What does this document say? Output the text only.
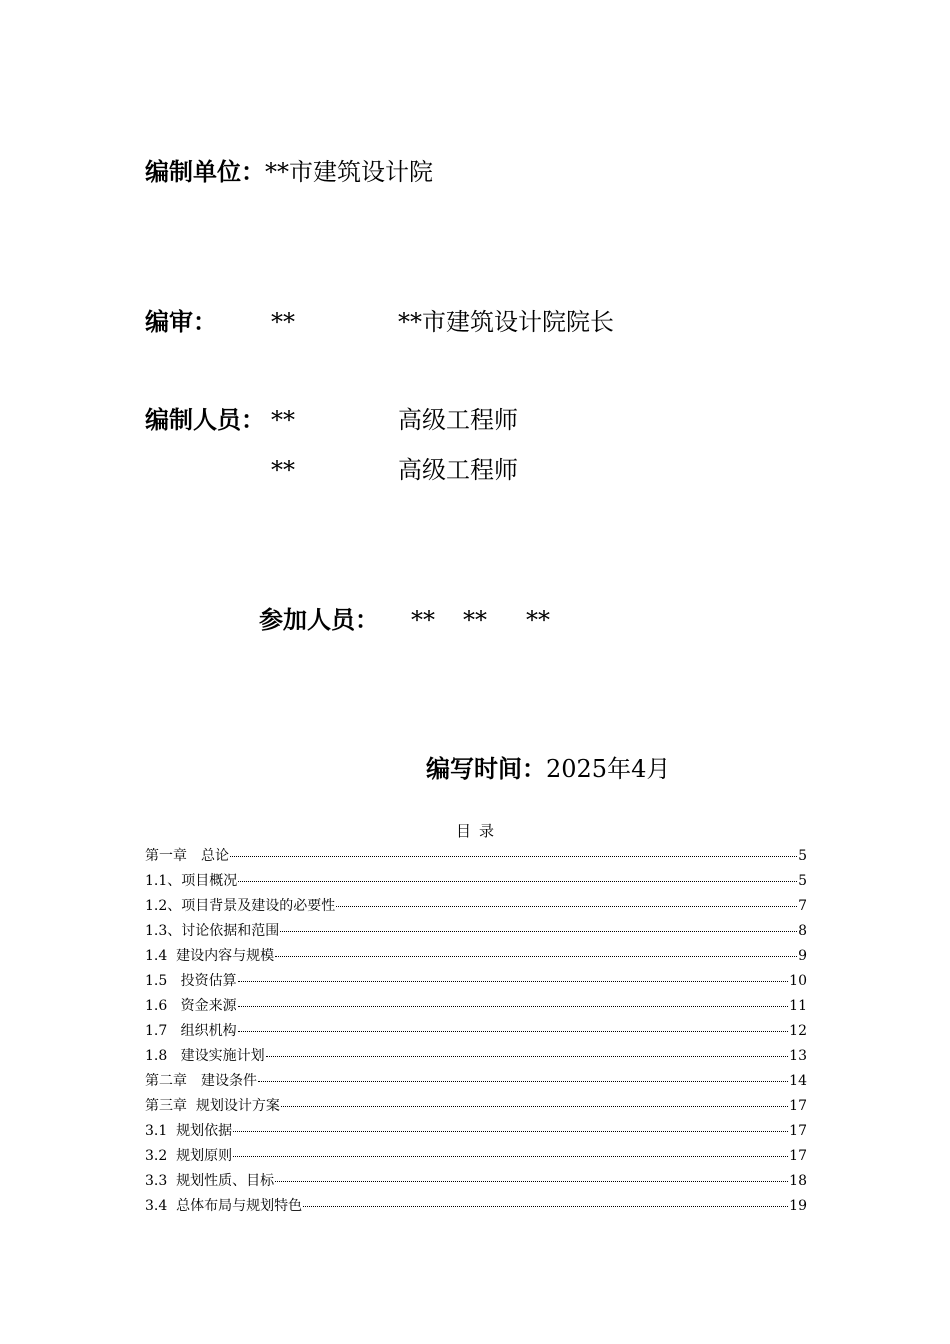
编制单位：**市建筑设计院
编审： **	**市建筑设计院院长
编制人员： **	高级工程师
**	高级工程师
参加人员： ** ** **
编写时间：2025年4月
目录
第一章　总论	5
1.1、项目概况	5
1.2、项目背景及建设的必要性	7
1.3、讨论依据和范围	8
1.4  建设内容与规模	9
1.5   投资估算	10
1.6   资金来源	11
1.7   组织机构	12
1.8   建设实施计划	13
第二章　建设条件	14
第三章  规划设计方案	17
3.1  规划依据	17
3.2  规划原则	17
3.3  规划性质、目标	18
3.4  总体布局与规划特色	19
